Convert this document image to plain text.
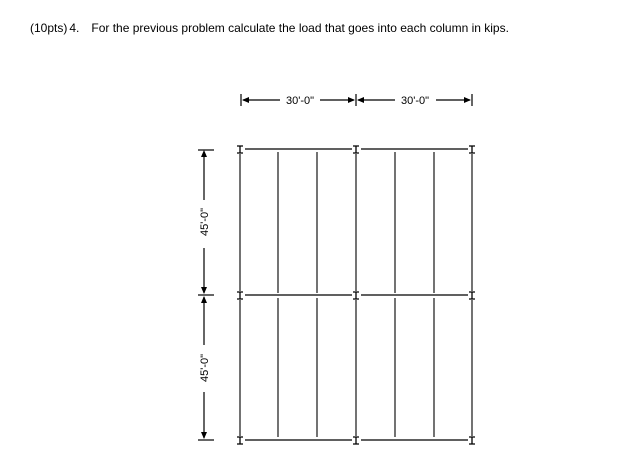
(10pts) 4. For the previous problem calculate the load that goes into each column in kips.
30'-0"	30'-0"
45'-0"
45'-0"
